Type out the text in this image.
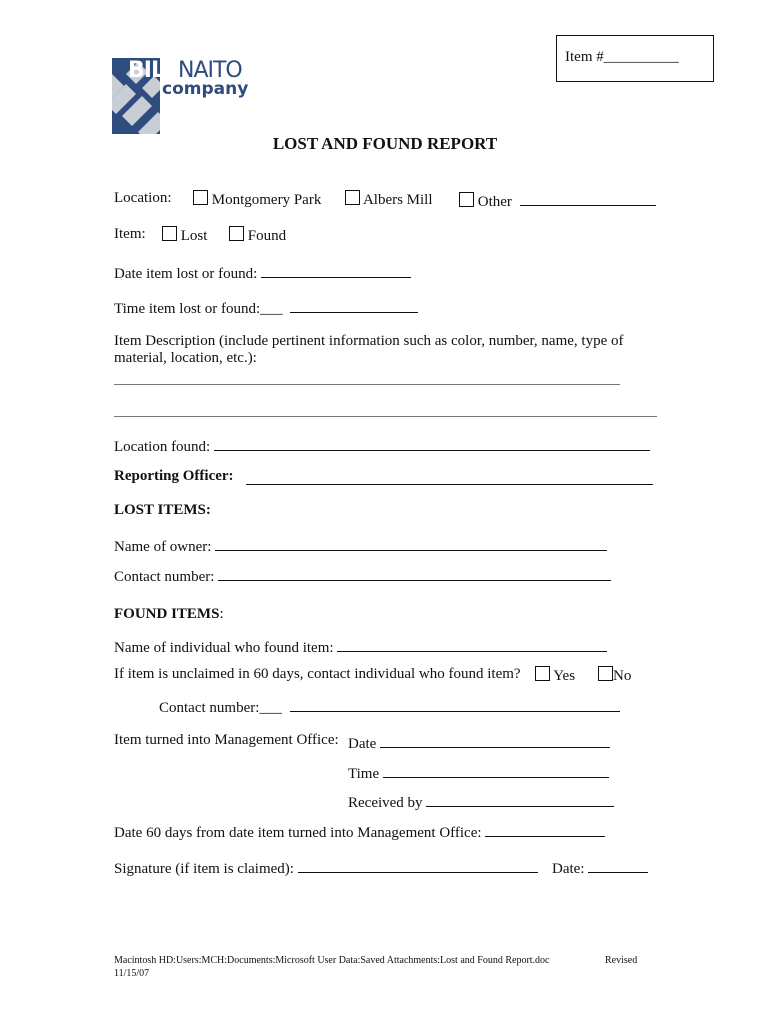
Item #__________
BILL NAITO
company
LOST AND FOUND REPORT
Location:	Montgomery Park	Albers Mill	Other
Item:	Lost	Found
Date item lost or found:
Time item lost or found:___
Item Description (include pertinent information such as color, number, name, type of
material, location, etc.):
Location found:
Reporting Officer:
LOST ITEMS:
Name of owner:
Contact number:
FOUND ITEMS:
Name of individual who found item:
If item is unclaimed in 60 days, contact individual who found item?	Yes	No
Contact number:___
Item turned into Management Office: Date
Time
Received by
Date 60 days from date item turned into Management Office:
Signature (if item is claimed):	Date:
Macintosh HD:Users:MCH:Documents:Microsoft User Data:Saved Attachments:Lost and Found Report.doc
11/15/07
Revised
